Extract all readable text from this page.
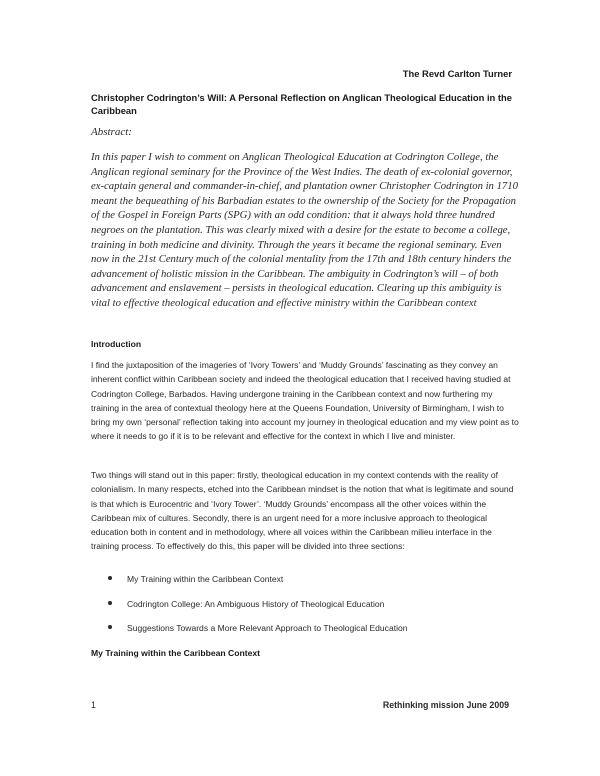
The Revd Carlton Turner
Christopher Codrington’s Will: A Personal Reflection on Anglican Theological Education in the Caribbean
Abstract:
In this paper I wish to comment on Anglican Theological Education at Codrington College, the Anglican regional seminary for the Province of the West Indies. The death of ex-colonial governor, ex-captain general and commander-in-chief, and plantation owner Christopher Codrington in 1710 meant the bequeathing of his Barbadian estates to the ownership of the Society for the Propagation of the Gospel in Foreign Parts (SPG) with an odd condition: that it always hold three hundred negroes on the plantation. This was clearly mixed with a desire for the estate to become a college, training in both medicine and divinity. Through the years it became the regional seminary. Even now in the 21st Century much of the colonial mentality from the 17th and 18th century hinders the advancement of holistic mission in the Caribbean. The ambiguity in Codrington’s will – of both advancement and enslavement – persists in theological education. Clearing up this ambiguity is vital to effective theological education and effective ministry within the Caribbean context
Introduction
I find the juxtaposition of the imageries of ‘Ivory Towers’ and ‘Muddy Grounds’ fascinating as they convey an inherent conflict within Caribbean society and indeed the theological education that I received having studied at Codrington College, Barbados. Having undergone training in the Caribbean context and now furthering my training in the area of contextual theology here at the Queens Foundation, University of Birmingham, I wish to bring my own ‘personal’ reflection taking into account my journey in theological education and my view point as to where it needs to go if it is to be relevant and effective for the context in which I live and minister.
Two things will stand out in this paper: firstly, theological education in my context contends with the reality of colonialism. In many respects, etched into the Caribbean mindset is the notion that what is legitimate and sound is that which is Eurocentric and ‘Ivory Tower’. ‘Muddy Grounds’ encompass all the other voices within the Caribbean mix of cultures. Secondly, there is an urgent need for a more inclusive approach to theological education both in content and in methodology, where all voices within the Caribbean milieu interface in the training process. To effectively do this, this paper will be divided into three sections:
My Training within the Caribbean Context
Codrington College: An Ambiguous History of Theological Education
Suggestions Towards a More Relevant Approach to Theological Education
My Training within the Caribbean Context
1	Rethinking mission June 2009
